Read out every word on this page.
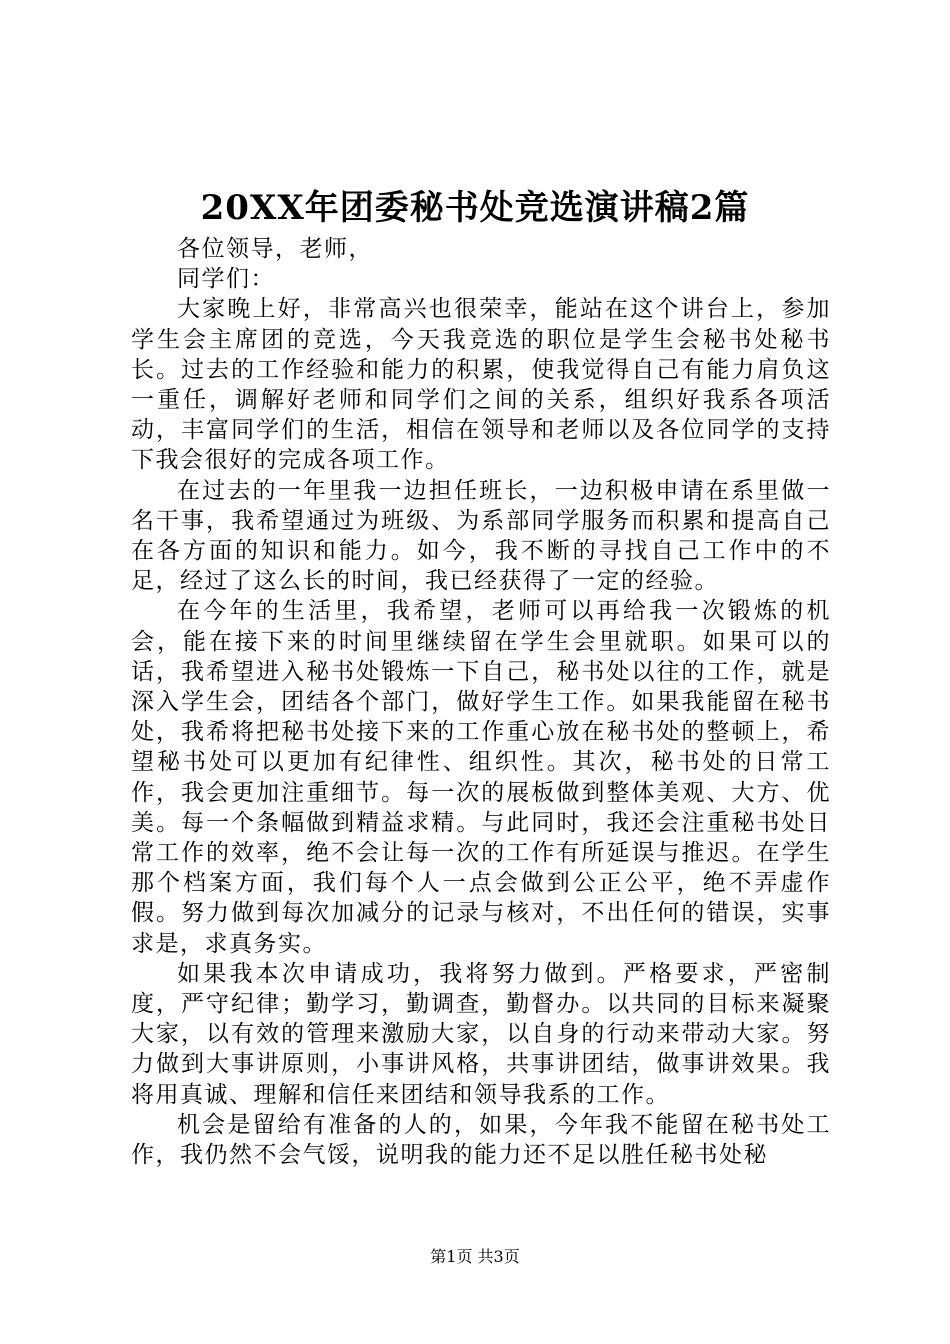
20XX年团委秘书处竞选演讲稿2篇

各位领导，老师，

同学们：

大家晚上好，非常高兴也很荣幸，能站在这个讲台上，参加学生会主席团的竞选，今天我竞选的职位是学生会秘书处秘书长。过去的工作经验和能力的积累，使我觉得自己有能力肩负这一重任，调解好老师和同学们之间的关系，组织好我系各项活动，丰富同学们的生活，相信在领导和老师以及各位同学的支持下我会很好的完成各项工作。

在过去的一年里我一边担任班长，一边积极申请在系里做一名干事，我希望通过为班级、为系部同学服务而积累和提高自己在各方面的知识和能力。如今，我不断的寻找自己工作中的不足，经过了这么长的时间，我已经获得了一定的经验。

在今年的生活里，我希望，老师可以再给我一次锻炼的机会，能在接下来的时间里继续留在学生会里就职。如果可以的话，我希望进入秘书处锻炼一下自己，秘书处以往的工作，就是深入学生会，团结各个部门，做好学生工作。如果我能留在秘书处，我希将把秘书处接下来的工作重心放在秘书处的整顿上，希望秘书处可以更加有纪律性、组织性。其次，秘书处的日常工作，我会更加注重细节。每一次的展板做到整体美观、大方、优美。每一个条幅做到精益求精。与此同时，我还会注重秘书处日常工作的效率，绝不会让每一次的工作有所延误与推迟。在学生那个档案方面，我们每个人一点会做到公正公平，绝不弄虚作假。努力做到每次加减分的记录与核对，不出任何的错误，实事求是，求真务实。

如果我本次申请成功，我将努力做到。严格要求，严密制度，严守纪律；勤学习，勤调查，勤督办。以共同的目标来凝聚大家，以有效的管理来激励大家，以自身的行动来带动大家。努力做到大事讲原则，小事讲风格，共事讲团结，做事讲效果。我将用真诚、理解和信任来团结和领导我系的工作。

机会是留给有准备的人的，如果，今年我不能留在秘书处工作，我仍然不会气馁，说明我的能力还不足以胜任秘书处秘

第1页 共3页
